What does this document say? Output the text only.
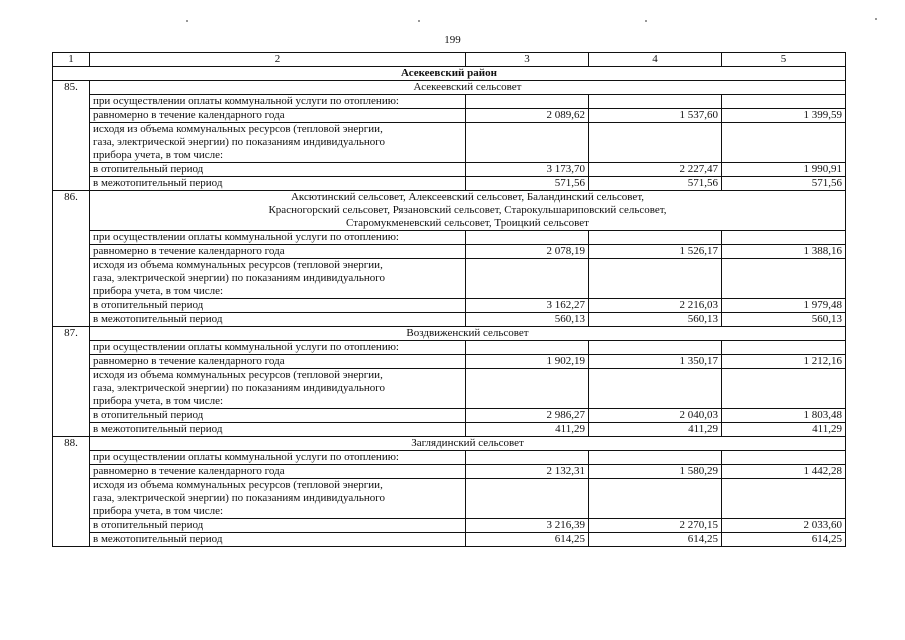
199
1	2	3	4	5
Асекеевский район				
85.	Асекеевский сельсовет			

	при осуществлении оплаты коммунальной услуги по отоплению:			
	равномерно в течение календарного года	2 089,62	1 537,60	1 399,59

	исходя из объема коммунальных ресурсов (тепловой энергии,
газа, электрической энергии) по показаниям индивидуального
прибора учета, в том числе:			

	в отопительный период	3 173,70	2 227,47	1 990,91
	в межотопительный период	571,56	571,56	571,56
86.	Аксютинский сельсовет, Алексеевский сельсовет, Баландинский сельсовет,
Красногорский сельсовет, Рязановский сельсовет, Старокульшариповский сельсовет,
Старомукменевский сельсовет, Троицкий сельсовет			

	при осуществлении оплаты коммунальной услуги по отоплению:			
	равномерно в течение календарного года	2 078,19	1 526,17	1 388,16

	исходя из объема коммунальных ресурсов (тепловой энергии,
газа, электрической энергии) по показаниям индивидуального
прибора учета, в том числе:			

	в отопительный период	3 162,27	2 216,03	1 979,48
	в межотопительный период	560,13	560,13	560,13
87.	Воздвиженский сельсовет			

	при осуществлении оплаты коммунальной услуги по отоплению:			
	равномерно в течение календарного года	1 902,19	1 350,17	1 212,16

	исходя из объема коммунальных ресурсов (тепловой энергии,
газа, электрической энергии) по показаниям индивидуального
прибора учета, в том числе:			

	в отопительный период	2 986,27	2 040,03	1 803,48
	в межотопительный период	411,29	411,29	411,29
88.	Заглядинский сельсовет			

	при осуществлении оплаты коммунальной услуги по отоплению:			
	равномерно в течение календарного года	2 132,31	1 580,29	1 442,28

	исходя из объема коммунальных ресурсов (тепловой энергии,
газа, электрической энергии) по показаниям индивидуального
прибора учета, в том числе:			

	в отопительный период	3 216,39	2 270,15	2 033,60
	в межотопительный период	614,25	614,25	614,25
